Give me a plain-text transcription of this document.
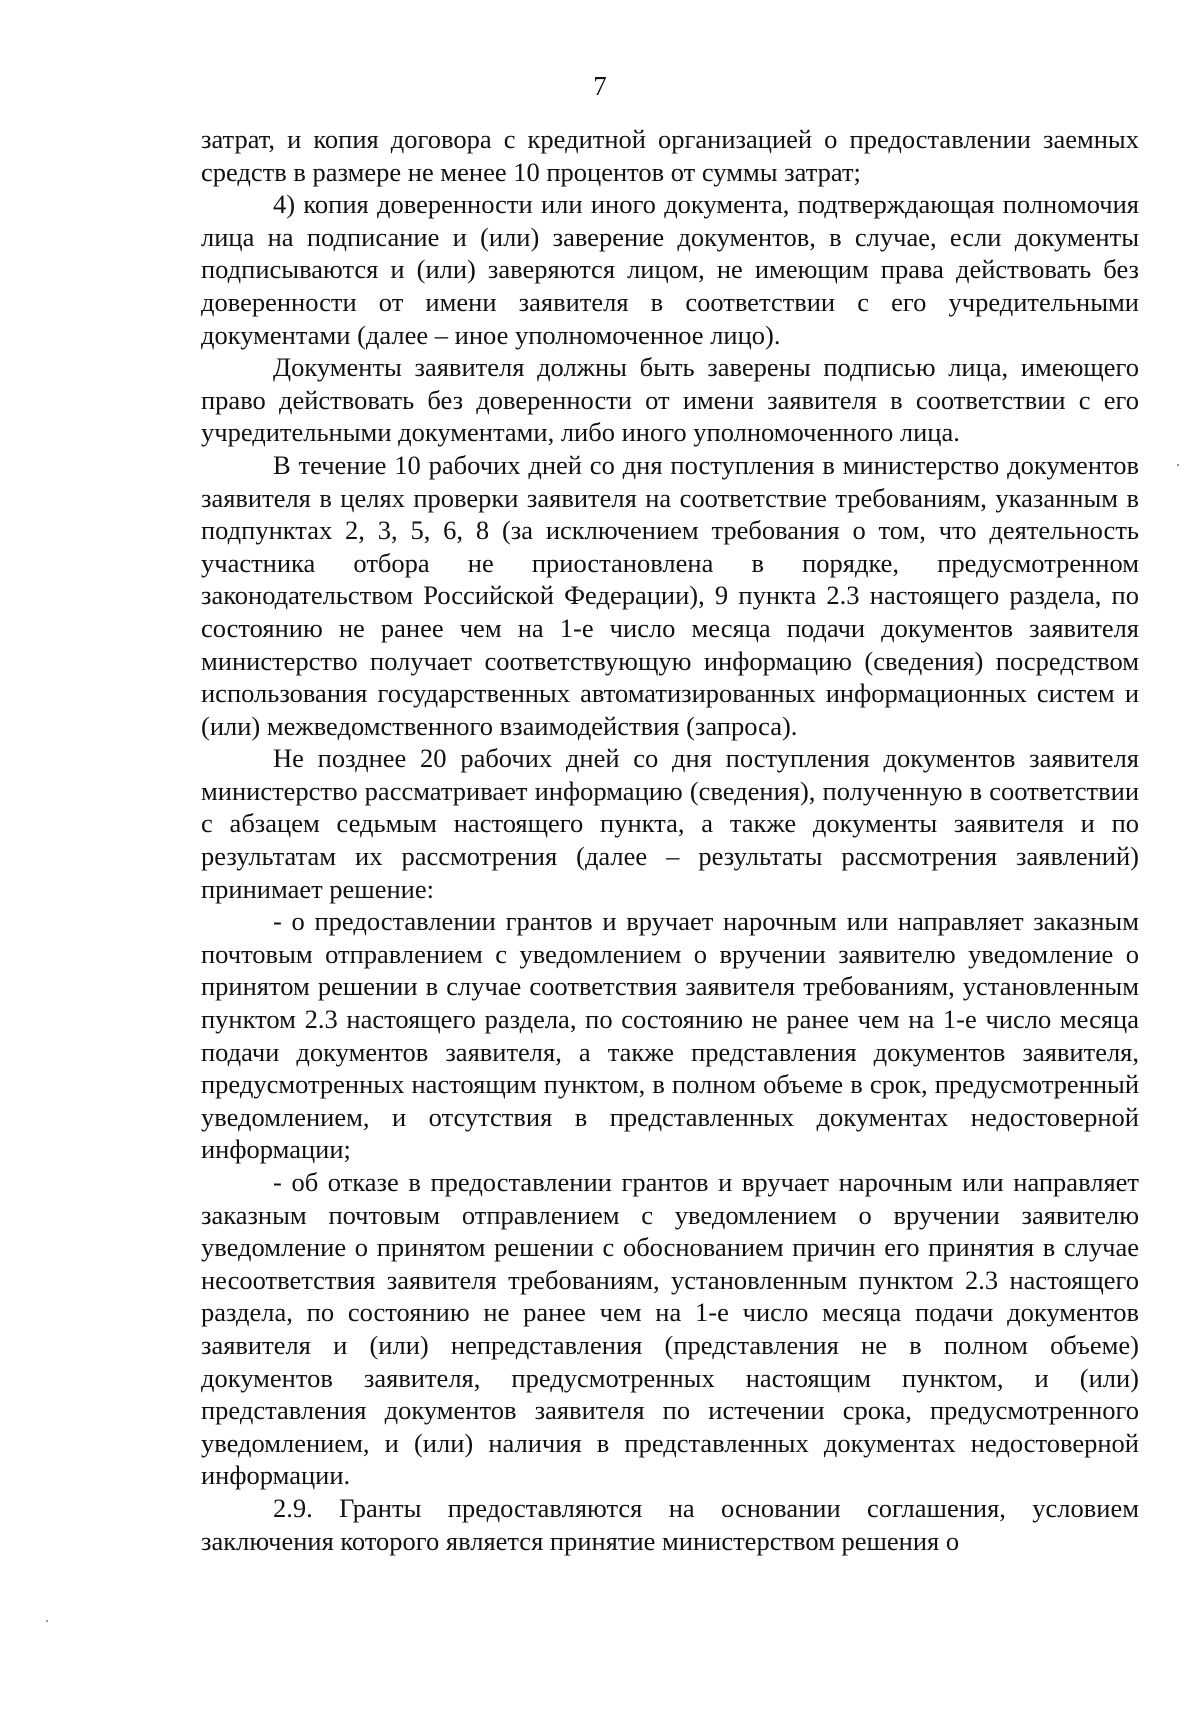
7

затрат, и копия договора с кредитной организацией о предоставлении заемных средств в размере не менее 10 процентов от суммы затрат;

4) копия доверенности или иного документа, подтверждающая полномочия лица на подписание и (или) заверение документов, в случае, если документы подписываются и (или) заверяются лицом, не имеющим права действовать без доверенности от имени заявителя в соответствии с его учредительными документами (далее – иное уполномоченное лицо).

Документы заявителя должны быть заверены подписью лица, имеющего право действовать без доверенности от имени заявителя в соответствии с его учредительными документами, либо иного уполномоченного лица.

В течение 10 рабочих дней со дня поступления в министерство документов заявителя в целях проверки заявителя на соответствие требованиям, указанным в подпунктах 2, 3, 5, 6, 8 (за исключением требования о том, что деятельность участника отбора не приостановлена в порядке, предусмотренном законодательством Российской Федерации), 9 пункта 2.3 настоящего раздела, по состоянию не ранее чем на 1-е число месяца подачи документов заявителя министерство получает соответствующую информацию (сведения) посредством использования государственных автоматизированных информационных систем и (или) межведомственного взаимодействия (запроса).

Не позднее 20 рабочих дней со дня поступления документов заявителя министерство рассматривает информацию (сведения), полученную в соответствии с абзацем седьмым настоящего пункта, а также документы заявителя и по результатам их рассмотрения (далее – результаты рассмотрения заявлений) принимает решение:

- о предоставлении грантов и вручает нарочным или направляет заказным почтовым отправлением с уведомлением о вручении заявителю уведомление о принятом решении в случае соответствия заявителя требованиям, установленным пунктом 2.3 настоящего раздела, по состоянию не ранее чем на 1-е число месяца подачи документов заявителя, а также представления документов заявителя, предусмотренных настоящим пунктом, в полном объеме в срок, предусмотренный уведомлением, и отсутствия в представленных документах недостоверной информации;

- об отказе в предоставлении грантов и вручает нарочным или направляет заказным почтовым отправлением с уведомлением о вручении заявителю уведомление о принятом решении с обоснованием причин его принятия в случае несоответствия заявителя требованиям, установленным пунктом 2.3 настоящего раздела, по состоянию не ранее чем на 1-е число месяца подачи документов заявителя и (или) непредставления (представления не в полном объеме) документов заявителя, предусмотренных настоящим пунктом, и (или) представления документов заявителя по истечении срока, предусмотренного уведомлением, и (или) наличия в представленных документах недостоверной информации.

2.9. Гранты предоставляются на основании соглашения, условием заключения которого является принятие министерством решения о
